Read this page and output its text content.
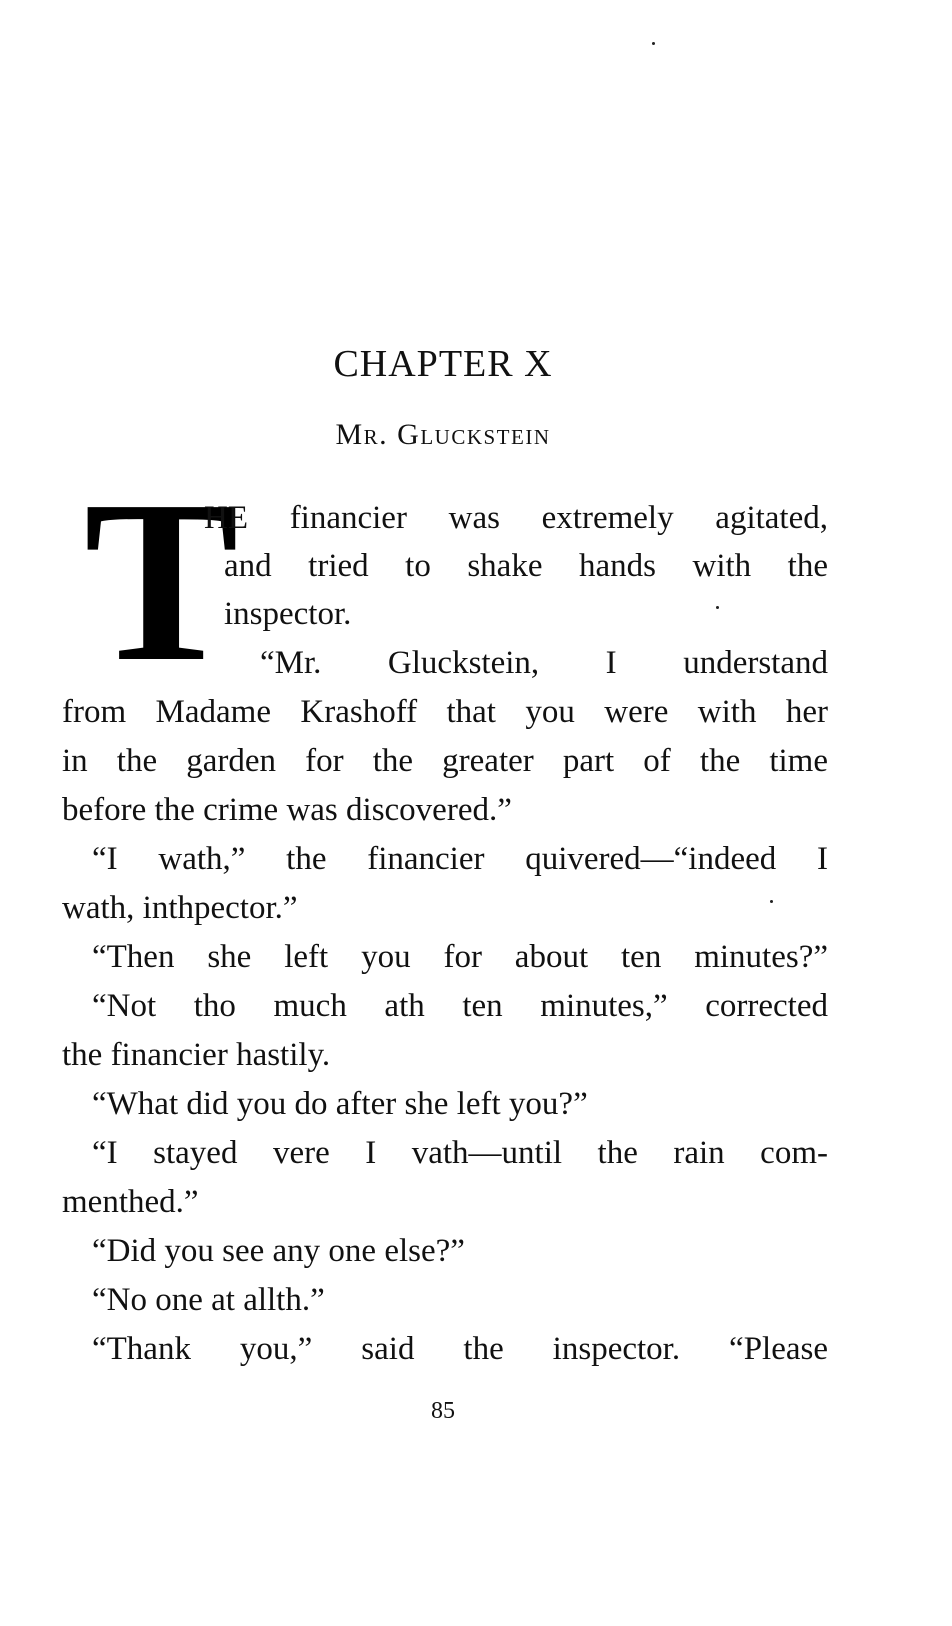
CHAPTER X
Mr. Gluckstein
T
HE financier was extremely agitated,
and tried to shake hands with the
inspector.
“Mr. Gluckstein, I understand
from Madame Krashoff that you were with her
in the garden for the greater part of the time
before the crime was discovered.”
“I wath,” the financier quivered—“indeed I
wath, inthpector.”
“Then she left you for about ten minutes?”
“Not tho much ath ten minutes,” corrected
the financier hastily.
“What did you do after she left you?”
“I stayed vere I vath—until the rain com-
menthed.”
“Did you see any one else?”
“No one at allth.”
“Thank you,” said the inspector. “Please
85
